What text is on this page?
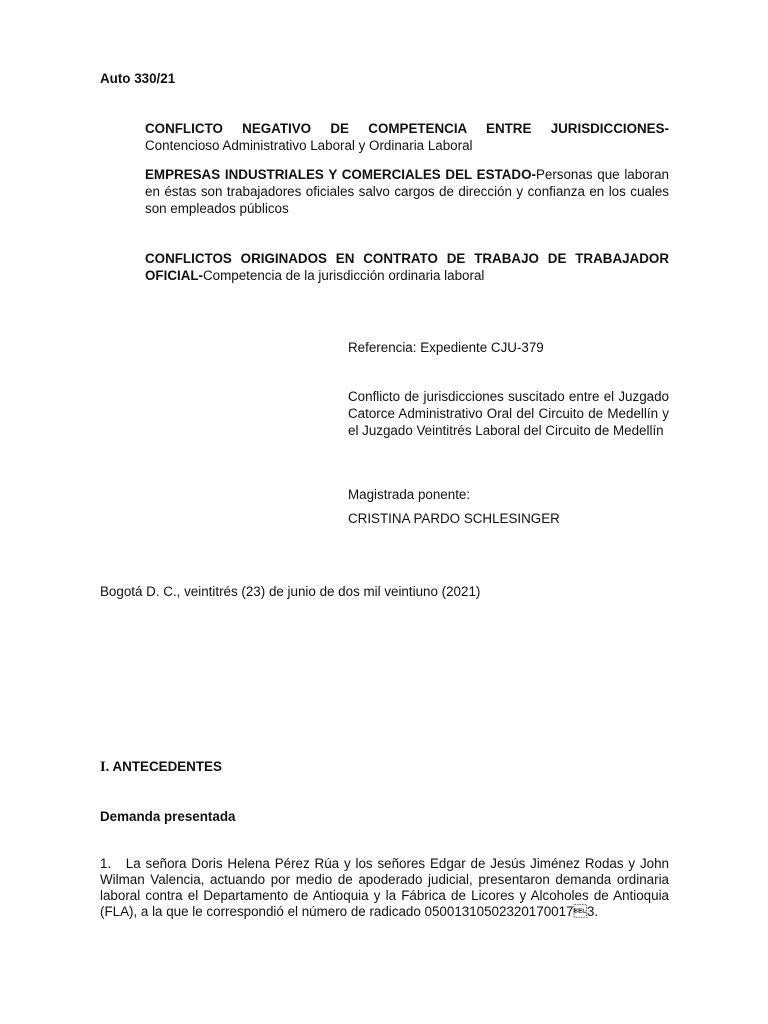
Auto 330/21
CONFLICTO NEGATIVO DE COMPETENCIA ENTRE JURISDICCIONES- Contencioso Administrativo Laboral y Ordinaria Laboral
EMPRESAS INDUSTRIALES Y COMERCIALES DEL ESTADO-Personas que laboran en éstas son trabajadores oficiales salvo cargos de dirección y confianza en los cuales son empleados públicos
CONFLICTOS ORIGINADOS EN CONTRATO DE TRABAJO DE TRABAJADOR OFICIAL-Competencia de la jurisdicción ordinaria laboral
Referencia: Expediente CJU-379
Conflicto de jurisdicciones suscitado entre el Juzgado Catorce Administrativo Oral del Circuito de Medellín y el Juzgado Veintitrés Laboral del Circuito de Medellín
Magistrada ponente:
CRISTINA PARDO SCHLESINGER
Bogotá D. C., veintitrés (23) de junio de dos mil veintiuno (2021)
I. ANTECEDENTES
Demanda presentada
1. La señora Doris Helena Pérez Rúa y los señores Edgar de Jesús Jiménez Rodas y John Wilman Valencia, actuando por medio de apoderado judicial, presentaron demanda ordinaria laboral contra el Departamento de Antioquia y la Fábrica de Licores y Alcoholes de Antioquia (FLA), a la que le correspondió el número de radicado 050013105023201700173.
